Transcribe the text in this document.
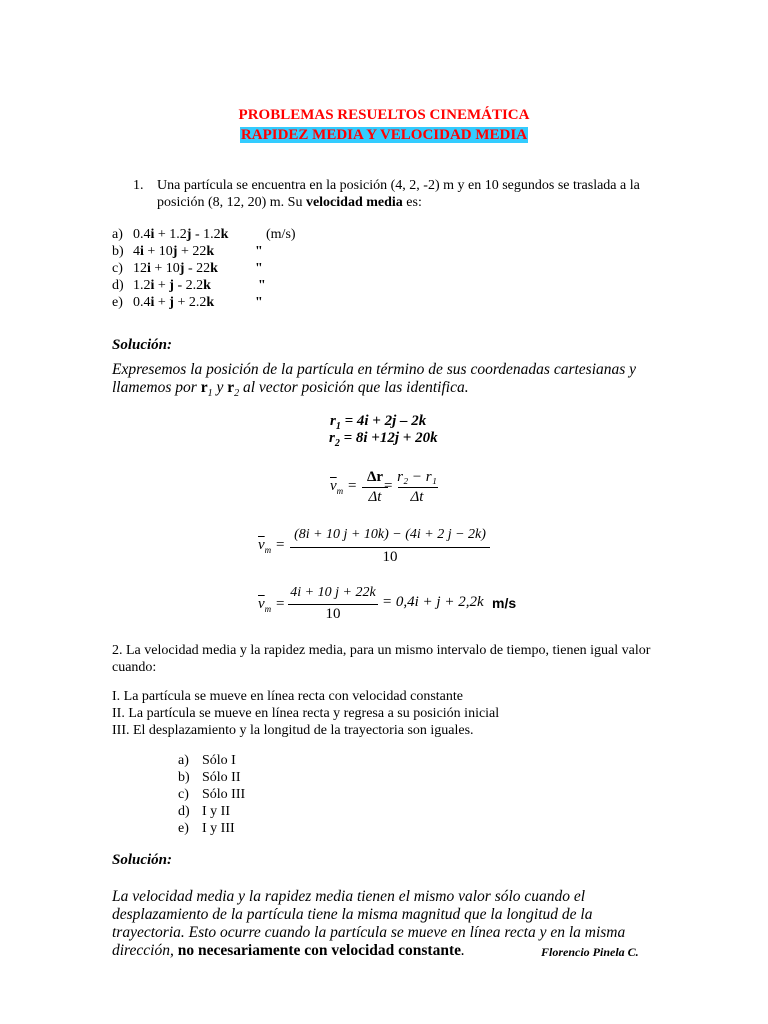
PROBLEMAS RESUELTOS CINEMÁTICA
RAPIDEZ MEDIA Y VELOCIDAD MEDIA
1. Una partícula se encuentra en la posición (4, 2, -2) m y en 10 segundos se traslada a la
posición (8, 12, 20) m. Su velocidad media es:
a) 0.4i + 1.2j - 1.2k	(m/s)
b) 4i + 10j + 22k	"
c) 12i + 10j - 22k	"
d) 1.2i + j - 2.2k	"
e) 0.4i + j + 2.2k	"
Solución:
Expresemos la posición de la partícula en término de sus coordenadas cartesianas y
llamemos por $r_1$ y $r_2$ al vector posición que las identifica.
$r_1 = 4i + 2j - 2k$
$r_2 = 8i +12j + 20k$
$\overline{v}_m$ =
Δr
Δt
=
r₂ − r₁
Δt
$\overline{v}_m$ =
(8i + 10 j + 10k) − (4i + 2 j − 2k)
10
$\overline{v}_m$ =
4i + 10 j + 22k
10
= 0,4i + j + 2,2k m/s
2. La velocidad media y la rapidez media, para un mismo intervalo de tiempo, tienen igual valor
cuando:
I. La partícula se mueve en línea recta con velocidad constante
II. La partícula se mueve en línea recta y regresa a su posición inicial
III. El desplazamiento y la longitud de la trayectoria son iguales.
a) Sólo I
b) Sólo II
c) Sólo III
d) I y II
e) I y III
Solución:
La velocidad media y la rapidez media tienen el mismo valor sólo cuando el
desplazamiento de la partícula tiene la misma magnitud que la longitud de la
trayectoria. Esto ocurre cuando la partícula se mueve en línea recta y en la misma
dirección, no necesariamente con velocidad constante.	Florencio Pinela C.
